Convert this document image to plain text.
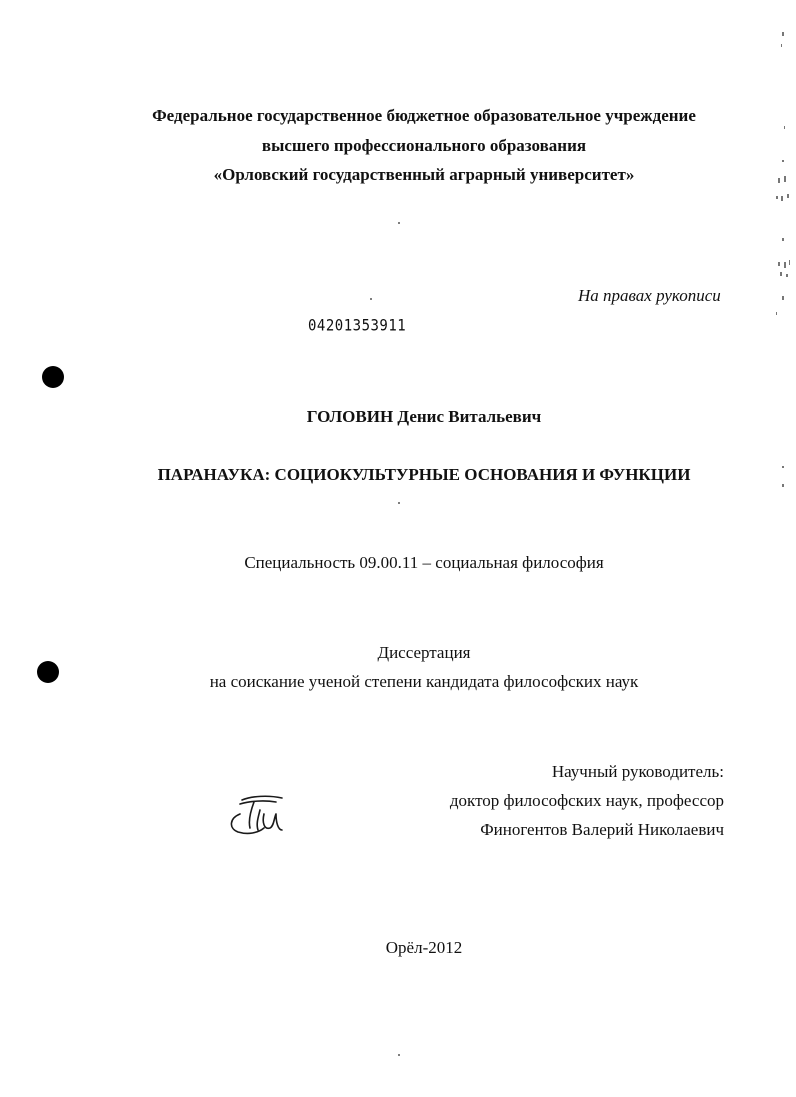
Федеральное государственное бюджетное образовательное учреждение
высшего профессионального образования
«Орловский государственный аграрный университет»
На правах рукописи
04201353911
ГОЛОВИН Денис Витальевич
ПАРАНАУКА: СОЦИОКУЛЬТУРНЫЕ ОСНОВАНИЯ И ФУНКЦИИ
Специальность 09.00.11 – социальная философия
Диссертация
на соискание ученой степени кандидата философских наук
Научный руководитель:
доктор философских наук, профессор
Финогентов Валерий Николаевич
Орёл-2012
